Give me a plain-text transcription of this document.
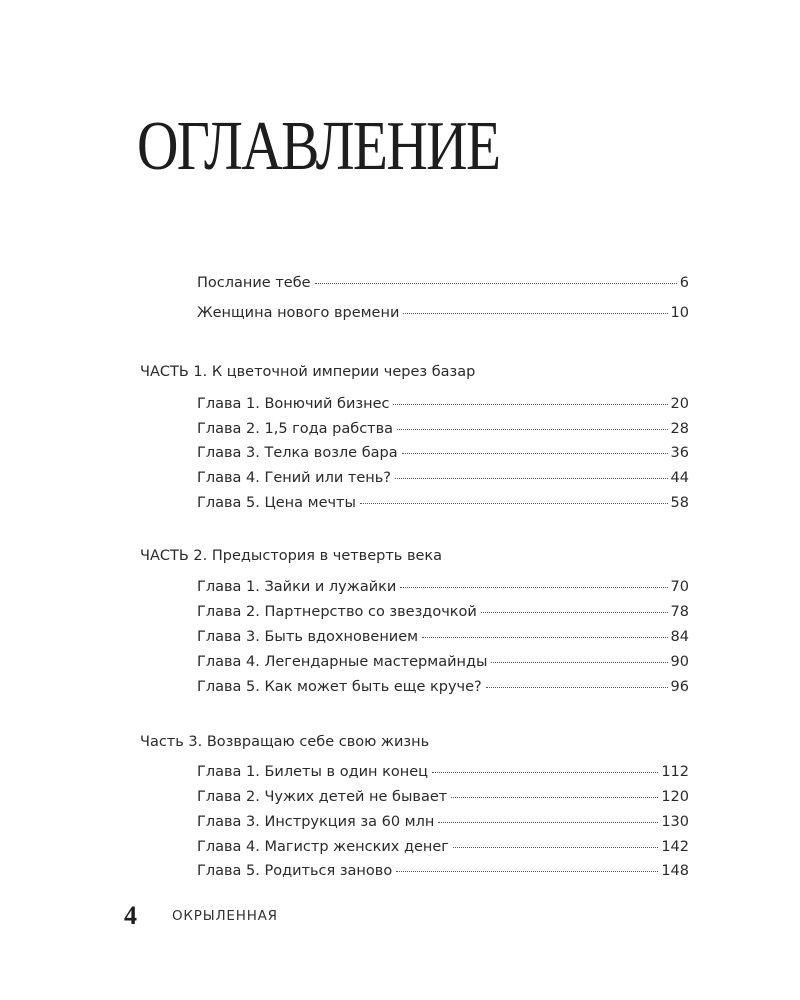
ОГЛАВЛЕНИЕ
Послание тебе	6
Женщина нового времени	10
ЧАСТЬ 1. К цветочной империи через базар
Глава 1. Вонючий бизнес	20
Глава 2. 1,5 года рабства	28
Глава 3. Телка возле бара	36
Глава 4. Гений или тень?	44
Глава 5. Цена мечты	58
ЧАСТЬ 2. Предыстория в четверть века
Глава 1. Зайки и лужайки	70
Глава 2. Партнерство со звездочкой	78
Глава 3. Быть вдохновением	84
Глава 4. Легендарные мастермайнды	90
Глава 5. Как может быть еще круче?	96
Часть 3. Возвращаю себе свою жизнь
Глава 1. Билеты в один конец	112
Глава 2. Чужих детей не бывает	120
Глава 3. Инструкция за 60 млн	130
Глава 4. Магистр женских денег	142
Глава 5. Родиться заново	148
4	ОКРЫЛЕННАЯ
